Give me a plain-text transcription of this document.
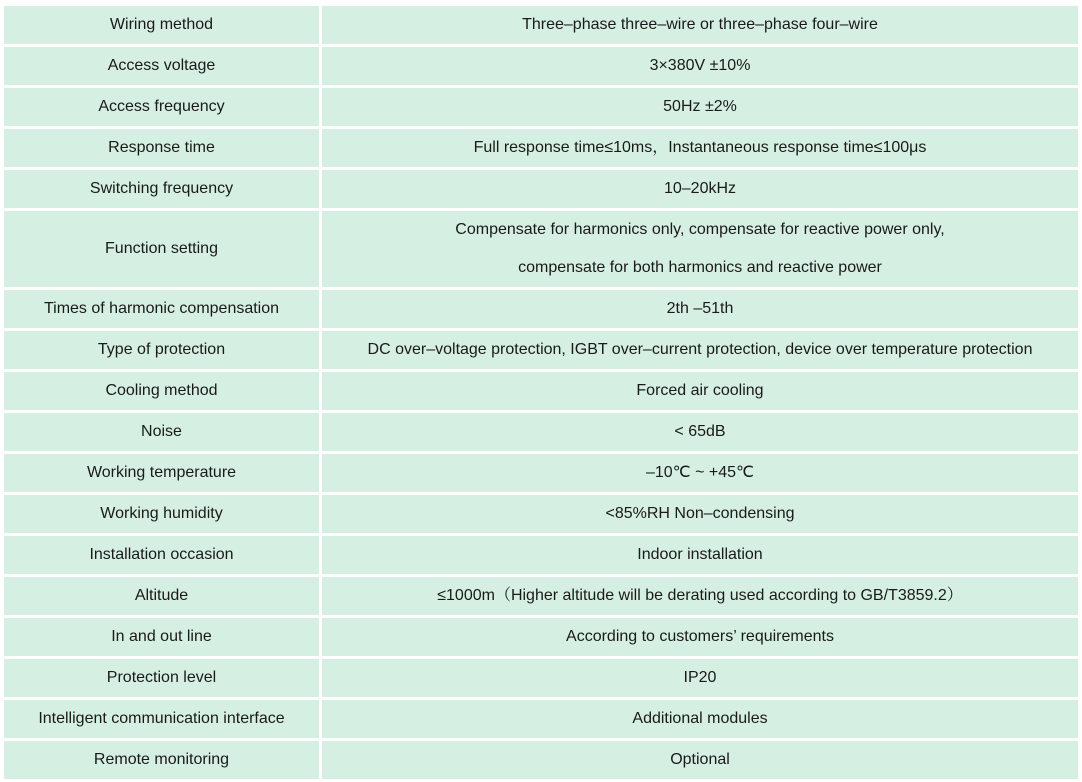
Wiring method	Three–phase three–wire or three–phase four–wire

Access voltage	3×380V ±10%

Access frequency	50Hz ±2%

Response time	Full response time≤10ms，Instantaneous response time≤100μs

Switching frequency	10–20kHz

Function setting	Compensate for harmonics only, compensate for reactive power only,
compensate for both harmonics and reactive power

Times of harmonic compensation	2th –51th

Type of protection	DC over–voltage protection, IGBT over–current protection, device over temperature protection

Cooling method	Forced air cooling

Noise	< 65dB

Working temperature	–10℃ ~ +45℃

Working humidity	<85%RH Non–condensing

Installation occasion	Indoor installation

Altitude	≤1000m（Higher altitude will be derating used according to GB/T3859.2）

In and out line	According to customers’ requirements

Protection level	IP20

Intelligent communication interface	Additional modules

Remote monitoring	Optional
